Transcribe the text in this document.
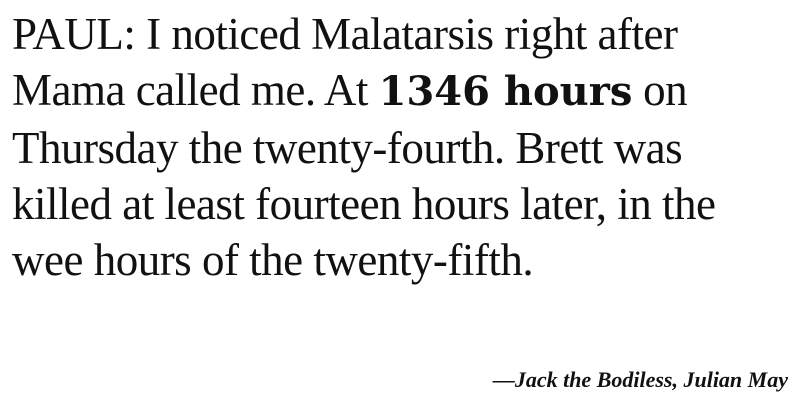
PAUL: I noticed Malatarsis right after Mama called me. At 1346 hours on Thursday the twenty-fourth. Brett was killed at least fourteen hours later, in the wee hours of the twenty-fifth.

—Jack the Bodiless, Julian May
